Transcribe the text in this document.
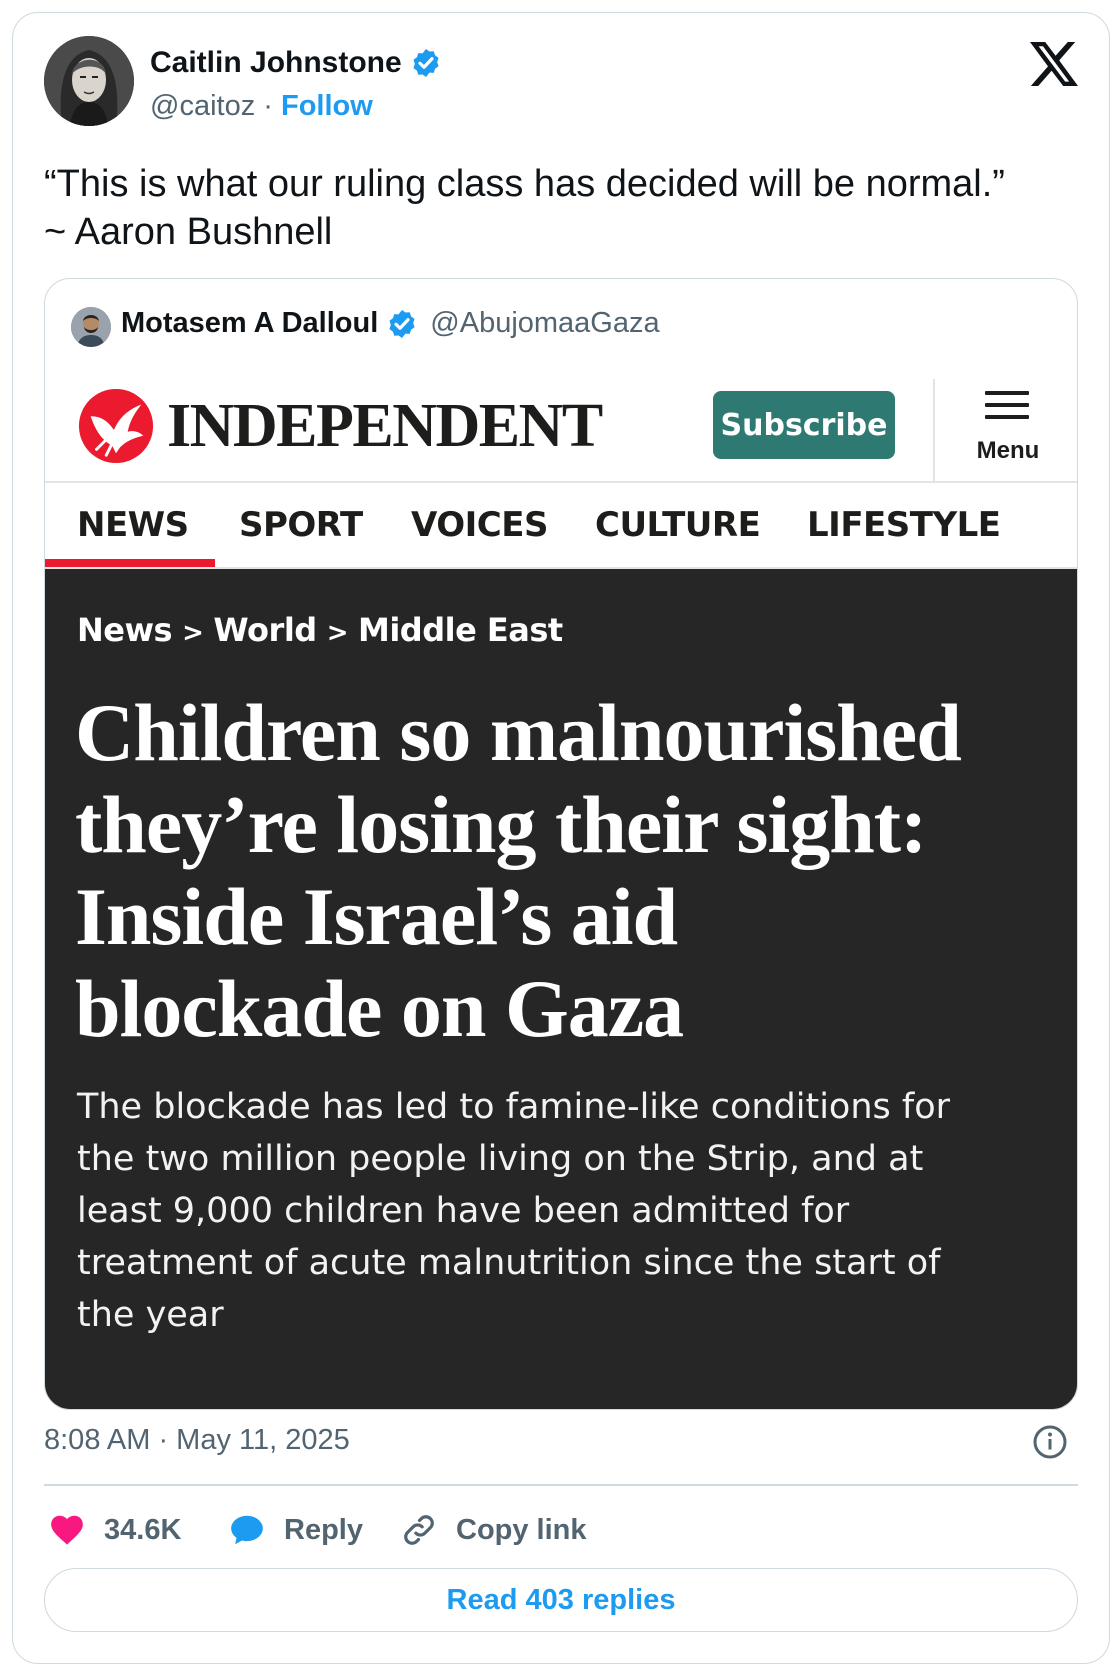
Caitlin Johnstone
@caitoz · Follow
“This is what our ruling class has decided will be normal.”
~ Aaron Bushnell
Motasem A Dalloul @AbujomaaGaza
INDEPENDENT	Subscribe
Menu
NEWS SPORT VOICES CULTURE LIFESTYLE
News > World > Middle East
Children so malnourished
they’re losing their sight:
Inside Israel’s aid
blockade on Gaza
The blockade has led to famine-like conditions for
the two million people living on the Strip, and at
least 9,000 children have been admitted for
treatment of acute malnutrition since the start of
the year
8:08 AM · May 11, 2025
34.6K	Reply	Copy link
Read 403 replies
